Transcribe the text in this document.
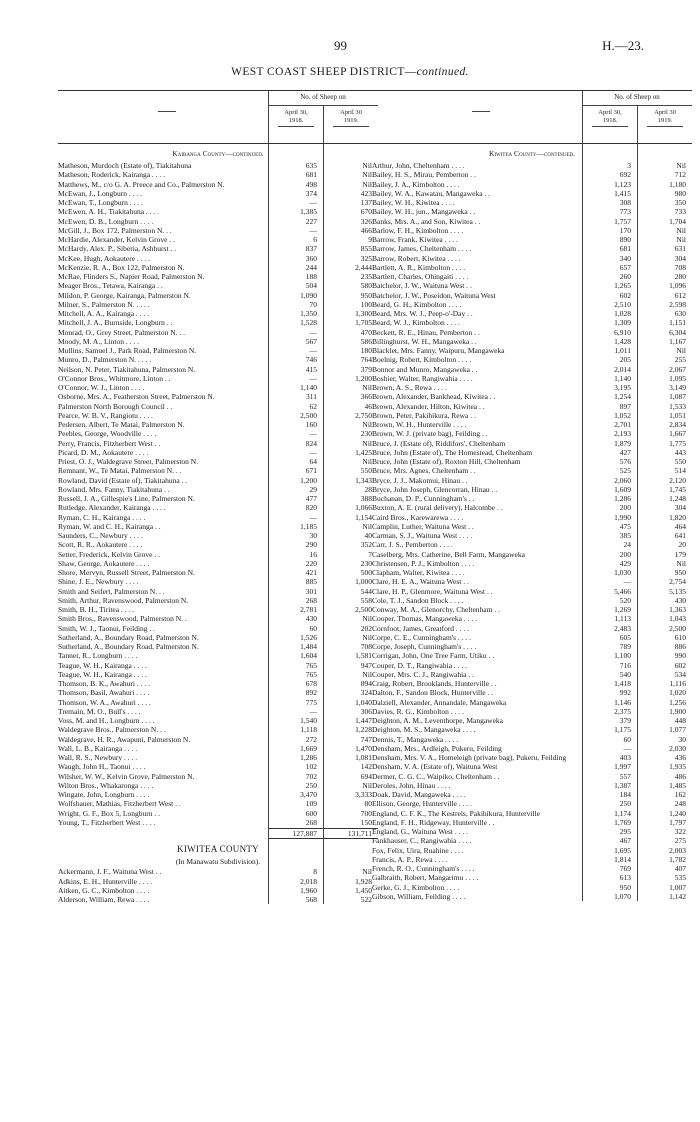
99	H.—23.
WEST COAST SHEEP DISTRICT—continued.
No. of Sheep on
April 30,
1918.
April 30
1919.
Kairanga County—continued.
Matheson, Murdoch (Estate of), Tiakitahuna	635	Nil
Matheson, Roderick, Kairanga . . . .	681	Nil
Matthews, M., c/o G. A. Preece and Co., Palmerston N.	498	Nil
McEwan, J., Longburn . . . .	374	423
McEwan, T., Longburn . . . .	—	137
McEwen, A. H., Tiakitahuna . . . .	1,385	670
McEwen, D. B., Longburn . . . .	227	326
McGill, J., Box 172, Palmerston N. . .	—	466
McHardie, Alexander, Kelvin Grove . .	6	9
McHardy, Alex. P., Siberia, Ashhurst . .	837	855
McKee, Hugh, Aokautere . . . .	360	325
McKenzie, R. A., Box 122, Palmerston N.	244	2,444
McRae, Flinders S., Napier Road, Palmerston N.	188	235
Meager Bros., Tetawa, Kairanga . .	504	580
Mildon, P. George, Kairanga, Palmerston N.	1,090	950
Milner, S., Palmerston N. . . . .	70	100
Mitchell, A. A., Kairanga . . . .	1,350	1,300
Mitchell, J. A., Burnside, Longburn . .	1,528	1,705
Monrad, O., Grey Street, Palmerston N. . .	—	470
Moody, M. A., Linton . . . .	567	586
Mullins, Samuel J., Park Road, Palmerston N.	—	180
Munro, D., Palmerston N. . . . .	746	764
Neilson, N. Peter, Tiakitahuna, Palmerston N.	415	379
O'Connor Bros., Whitmore, Linton . .	—	1,200
O'Connor, W. J., Linton . . . .	1,140	Nil
Osborne, Mrs. A., Featherston Street, Palmerston N.	311	366
Palmerston North Borough Council . .	62	46
Pearce, W. B. V., Rangiotu . . . .	2,500	2,750
Pedersen, Albert, Te Matai, Palmerston N.	160	Nil
Peebles, George, Woodville . . . .	—	230
Perry, Francis, Fitzherbert West . .	824	Nil
Picard, D. M., Aokautere . . . .	—	1,425
Priest, O. J., Waldegrave Street, Palmerston N.	64	Nil
Remnant, W., Te Matai, Palmerston N. . .	671	550
Rowland, David (Estate of), Tiakitahuna . .	1,200	1,343
Rowland, Mrs. Fanny, Tiakitahuna . .	29	28
Russell, J. A., Gillespie's Line, Palmerston N.	477	388
Rutledge, Alexander, Kairanga . . . .	820	1,066
Ryman, C. H., Kairanga . . . .	—	1,154
Ryman, W. and C. H., Kairanga . .	1,185	Nil
Saunders, C., Newbury . . . .	30	40
Scott, R. R., Aokautere . . . .	290	352
Setter, Frederick, Kelvin Grove . .	16	7
Shaw, George, Aokautere . . . .	220	230
Shore, Mervyn, Russell Street, Palmerston N.	421	500
Shine, J. E., Newbury . . . .	885	1,000
Smith and Seifert, Palmerston N. . .	301	544
Smith, Arthur, Ravenswood, Palmerston N.	268	558
Smith, B. H., Tiritea . . . .	2,781	2,500
Smith Bros., Ravenswood, Palmerston N. .	430	Nil
Smith, W. J., Taonui, Feilding . .	60	202
Sutherland, A., Boundary Road, Palmerston N.	1,526	Nil
Sutherland, A., Boundary Road, Palmerston N.	1,484	708
Tanner, R., Longburn . . . .	1,604	1,581
Teague, W. H., Kairanga . . . .	765	947
Teague, W. H., Kairanga . . . .	765	Nil
Thomson, B. K., Awahuri . . . .	678	894
Thomson, Basil, Awahuri . . . .	892	324
Thomson, W. A., Awahuri . . . .	775	1,040
Tremain, M. O., Bull's . . . .	—	306
Voss, M. and H., Longburn . . . .	1,540	1,447
Waldegrave Bros., Palmerston N. . .	1,118	1,228
Waldegrave, H. R., Awapuni, Palmerston N.	272	747
Wall, L. B., Kairanga . . . .	1,669	1,470
Wall, R. S., Newbury . . . .	1,286	1,081
Waugh, John H., Taonui . . . .	102	142
Wilsher, W. W., Kelvin Grove, Palmerston N.	702	694
Wilton Bros., Whakaronga . . . .	250	Nil
Wingate, John, Longburn . . . .	3,470	3,333
Wolfsbauer, Mathias, Fitzherbert West . .	109	80
Wright, G. F., Box 5, Longburn . .	600	700
Young, T., Fitzherbert West . . . .	268	150
127,887	131,711
KIWITEA COUNTY
(In Manawatu Subdivision).
Ackermann, J. F., Waituna West . .	8	Nil
Adkins, E. H., Hunterville . . . .	2,018	1,928
Aitken, G. C., Kimbolton . . . .	1,960	1,450
Alderson, William, Rewa . . . .	568	522
No. of Sheep on
April 30,
1918.
April 30
1919.
Kiwitea County—continued.
Arthur, John, Cheltenham . . . .	3	Nil
Bailey, H. S., Mirau, Pemberton . .	692	712
Bailey, J. A., Kimbolton . . . .	1,123	1,180
Bailey, W. A., Kawatau, Mangaweka . .	1,415	980
Bailey, W. H., Kiwitea . . . .	308	350
Bailey, W. H., jun., Mangaweka . .	773	733
Banks, Mrs. A., and Son, Kiwitea . .	1,757	1,704
Barlow, F. H., Kimbolton . . . .	170	Nil
Barrow, Frank, Kiwitea . . . .	890	Nil
Barrow, James, Cheltenham . . . .	681	631
Barrow, Robert, Kiwitea . . . .	340	304
Bartlett, A. R., Kimbolton . . . .	657	708
Bartlett, Charles, Ohingaiti . . . .	260	280
Batchelor, J. W., Waituna West . .	1,265	1,096
Batchelor, J. W., Poseidon, Waituna West	602	612
Beard, G. H., Kimbolton . . . .	2,510	2,598
Beard, Mrs. W. J., Peep-o'-Day . .	1,028	630
Beard, W. J., Kimbolton . . . .	1,309	1,151
Beckett, R. E., Hinau, Pemberton . .	6,910	6,304
Billinghurst, W. H., Mangaweka . .	1,428	1,167
Blacklet, Mrs. Fanny, Waipuru, Mangaweka	1,011	Nil
Boelnig, Robert, Kimbolton . . . .	205	255
Bonnor and Munro, Mangaweka . .	2,014	2,067
Boshier, Walter, Rangiwahia . . . .	1,140	1,095
Brown, A. S., Rewa . . . .	3,195	3,149
Brown, Alexander, Bankhead, Kiwitea . .	1,254	1,087
Brown, Alexander, Hilton, Kiwitea . .	897	1,533
Brown, Peter, Pakihikura, Rewa . .	1,052	1,051
Brown, W. H., Hunterville . . . .	2,701	2,834
Brown, W. J. (private bag), Feilding . .	2,193	1,667
Bruce, J. (Estate of), Riddifors', Cheltenham	1,879	1,775
Bruce, John (Estate of), The Homestead, Cheltenham	427	443
Bruce, John (Estate of), Roxton Hill, Cheltenham	576	550
Bruce, Mrs. Agnes, Cheltenham . .	525	514
Bryce, J. J., Makomui, Hinau . .	2,060	2,120
Bryce, John Joseph, Glencorran, Hinau . .	1,609	1,745
Buchanan, D. P., Cunningham's . .	1,286	1,248
Buxton, A. E. (rural delivery), Halcombe . .	200	304
Caird Bros., Karewarewa . . . .	1,990	1,820
Camplin, Luther, Waituna West . .	475	464
Carman, S. J., Waituna West . . . .	385	641
Carr, J. S., Pemberton . . . .	24	20
Caselberg, Mrs. Catherine, Bell Farm, Mangaweka	200	179
Christensen, P. J., Kimbolton . . . .	429	Nil
Clapham, Walter, Kiwitea . . . .	1,030	950
Clare, H. E. A., Waituna West . .	—	2,754
Clare, H. P., Glenmore, Waituna West . .	5,466	5,135
Cole, T. J., Sandon Block . . . .	520	430
Conway, M. A., Glenorchy, Cheltenham . .	1,269	1,363
Cooper, Thomas, Mangaweka . . . .	1,113	1,043
Cornfoot, James, Greatford . . . .	2,483	2,500
Corpe, C. E., Cunningham's . . . .	605	610
Corpe, Joseph, Cunningham's . . . .	789	886
Corrigan, John, One Tree Farm, Utiku . .	1,100	990
Couper, D. T., Rangiwahia . . . .	716	602
Couper, Mrs. C. J., Rangiwahia . .	540	534
Craig, Robert, Brooklands, Hunterville . .	1,418	1,116
Dalton, F., Sandon Block, Hunterville . .	992	1,020
Dalziell, Alexander, Annandale, Mangaweka	1,146	1,256
Davies, R. G., Kimbolton . . . .	2,375	1,900
Deighton, A. M., Leventhorpe, Mangaweka	379	448
Deighton, M. S., Mangaweka . . . .	1,175	1,077
Dennis, T., Mangaweka . . . .	60	30
Densham, Mrs., Ardleigh, Pukeru, Feilding	—	2,030
Densham, Mrs. V. A., Homeleigh (private bag), Pukeru, Feilding	403	436
Densham, V. A. (Estate of), Waituna West	1,997	1,935
Dermer, C. G. C., Waipiko, Cheltenham . .	557	486
Deroles, John, Hinau . . . .	1,387	1,485
Doak, David, Mangaweka . . . .	184	162
Ellison, George, Hunterville . . . .	250	248
England, C. F. K., The Kestrels, Pakihikura, Hunterville	1,174	1,240
England, F. H., Ridgeway, Hunterville . .	1,769	1,797
England, G., Waituna West . . . .	295	322
Fankhauser, C., Rangiwahia . . . .	467	275
Fox, Felix, Uira, Ruahine . . . .	1,695	2,003
Francis, A. P., Rewa . . . .	1,814	1,782
French, R. O., Cunningham's . . . .	769	407
Galbraith, Robert, Mangarimu . . . .	613	535
Gerke, G. J., Kimbolton . . . .	950	1,007
Gibson, William, Feilding . . . .	1,070	1,142
